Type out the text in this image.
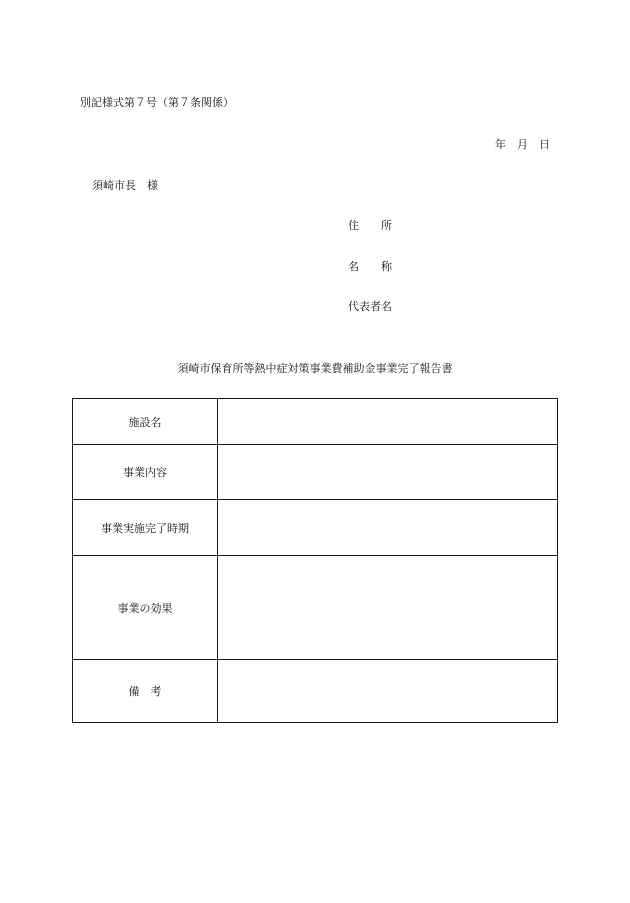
別記様式第７号（第７条関係）
年　月　日
須崎市長　様
住　　所
名　　称
代表者名
須崎市保育所等熱中症対策事業費補助金事業完了報告書
施設名	
事業内容	
事業実施完了時期	
事業の効果	
備　考	
